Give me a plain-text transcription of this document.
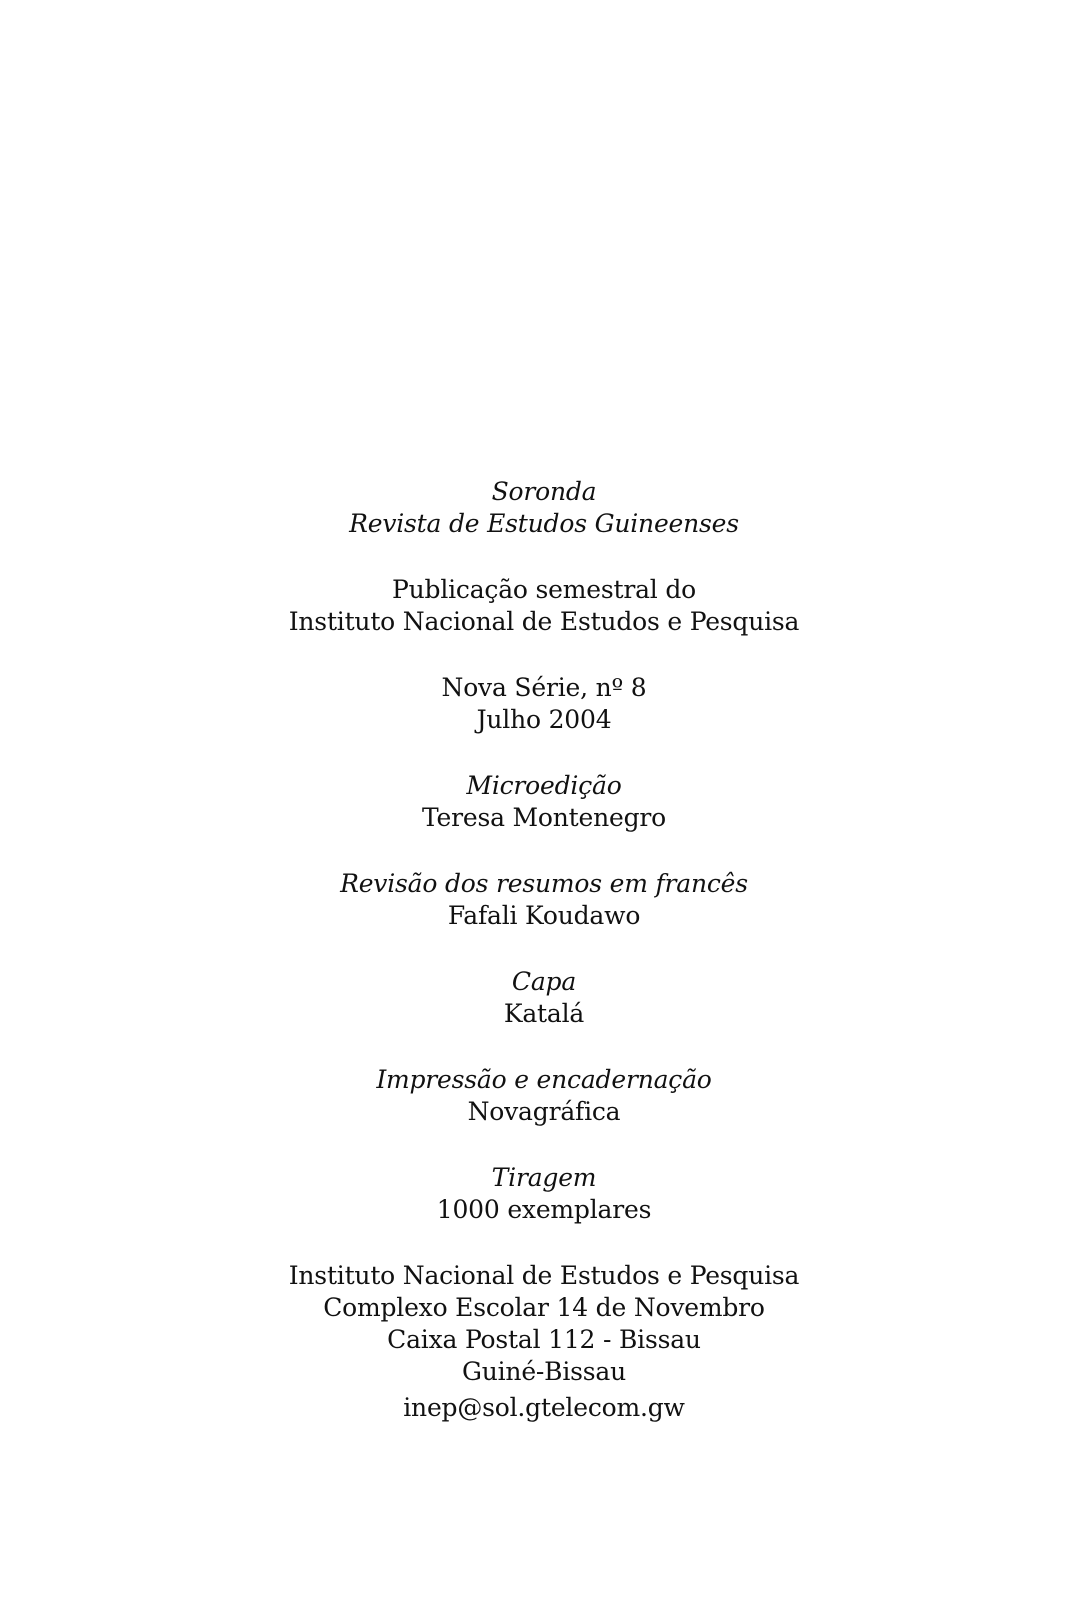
Soronda
Revista de Estudos Guineenses
Publicação semestral do
Instituto Nacional de Estudos e Pesquisa
Nova Série, nº 8
Julho 2004
Microedição
Teresa Montenegro
Revisão dos resumos em francês
Fafali Koudawo
Capa
Katalá
Impressão e encadernação
Novagráfica
Tiragem
1000 exemplares
Instituto Nacional de Estudos e Pesquisa
Complexo Escolar 14 de Novembro
Caixa Postal 112 - Bissau
Guiné-Bissau
inep@sol.gtelecom.gw
